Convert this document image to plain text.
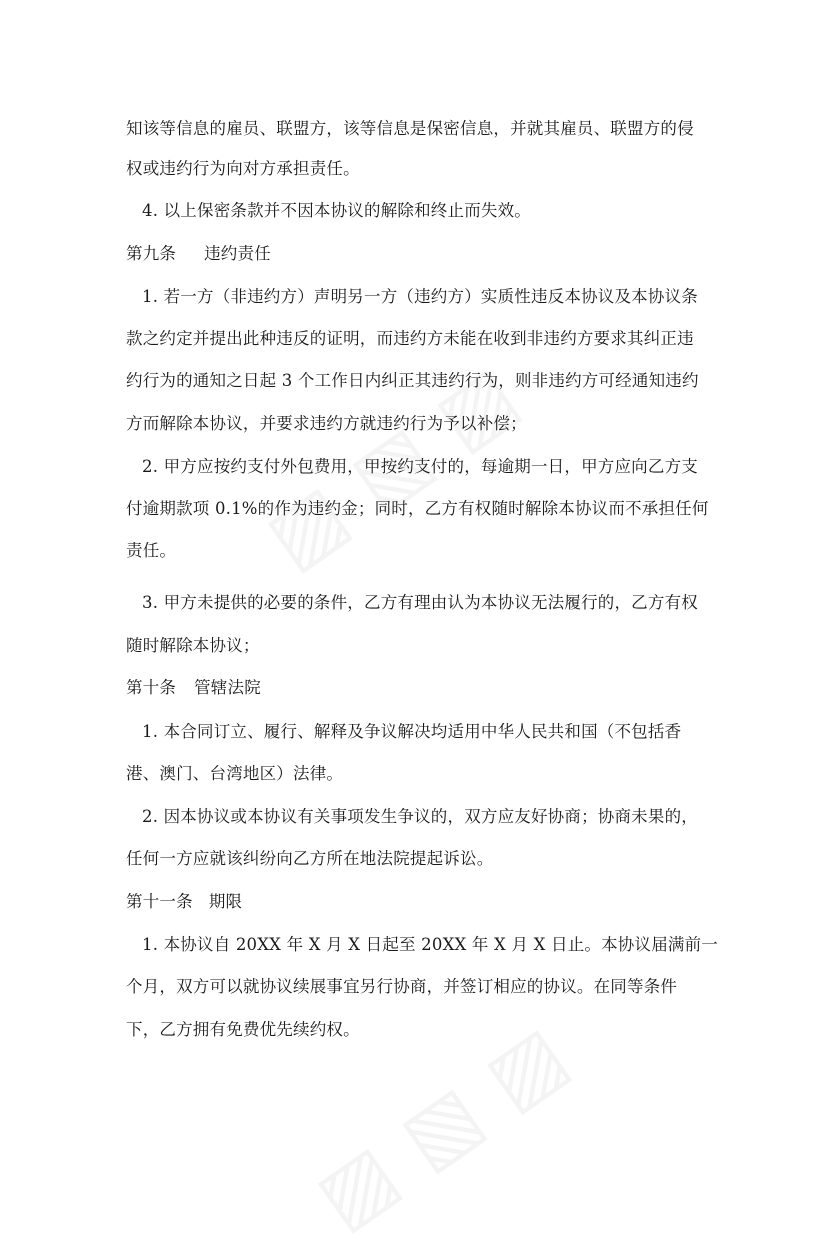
知该等信息的雇员、联盟方，该等信息是保密信息，并就其雇员、联盟方的侵
权或违约行为向对方承担责任。
4. 以上保密条款并不因本协议的解除和终止而失效。
第九条 违约责任
1. 若一方（非违约方）声明另一方（违约方）实质性违反本协议及本协议条
款之约定并提出此种违反的证明，而违约方未能在收到非违约方要求其纠正违
约行为的通知之日起 3 个工作日内纠正其违约行为，则非违约方可经通知违约
方而解除本协议，并要求违约方就违约行为予以补偿；
2. 甲方应按约支付外包费用，甲按约支付的，每逾期一日，甲方应向乙方支
付逾期款项 0.1%的作为违约金；同时，乙方有权随时解除本协议而不承担任何
责任。
3. 甲方未提供的必要的条件，乙方有理由认为本协议无法履行的，乙方有权
随时解除本协议；
第十条 管辖法院
1. 本合同订立、履行、解释及争议解决均适用中华人民共和国（不包括香
港、澳门、台湾地区）法律。
2. 因本协议或本协议有关事项发生争议的，双方应友好协商；协商未果的，
任何一方应就该纠纷向乙方所在地法院提起诉讼。
第十一条 期限
1. 本协议自 20XX 年 X 月 X 日起至 20XX 年 X 月 X 日止。本协议届满前一
个月，双方可以就协议续展事宜另行协商，并签订相应的协议。在同等条件
下，乙方拥有免费优先续约权。
